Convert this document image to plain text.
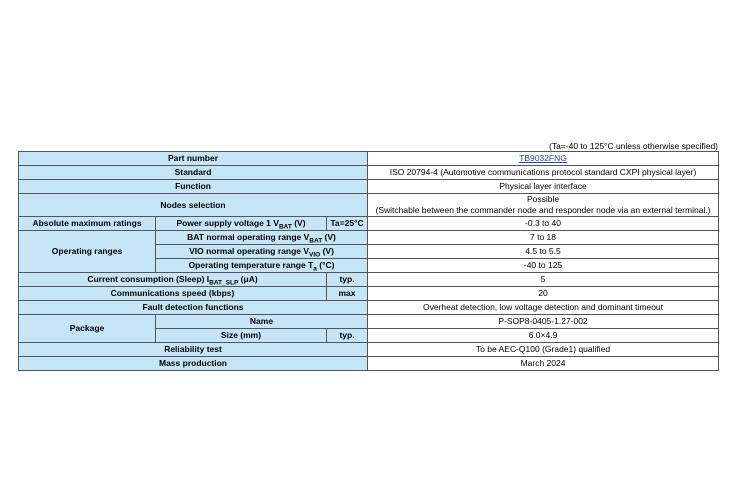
(Ta=-40 to 125°C unless otherwise specified)
Part number			TB9032FNG
Standard			ISO 20794-4 (Automotive communications protocol standard CXPI physical layer)
Function			Physical layer interface
Nodes selection			Possible
(Switchable between the commander node and responder node via an external terminal.)
Absolute maximum ratings	Power supply voltage 1 $V_{BAT}$ (V)	Ta=25°C	-0.3 to 40
Operating ranges	BAT normal operating range $V_{BAT}$ (V)		7 to 18
	VIO normal operating range $V_{VIO}$ (V)		4.5 to 5.5
	Operating temperature range $T_a$ (°C)		-40 to 125
Current consumption (Sleep) $I_{BAT\_SLP}$ (μA)		typ.	5
Communications speed (kbps)		max	20
Fault detection functions			Overheat detection, low voltage detection and dominant timeout
Package	Name		P-SOP8-0405-1.27-002
	Size (mm)	typ.	6.0×4.9
Reliability test			To be AEC-Q100 (Grade1) qualified
Mass production			March 2024
